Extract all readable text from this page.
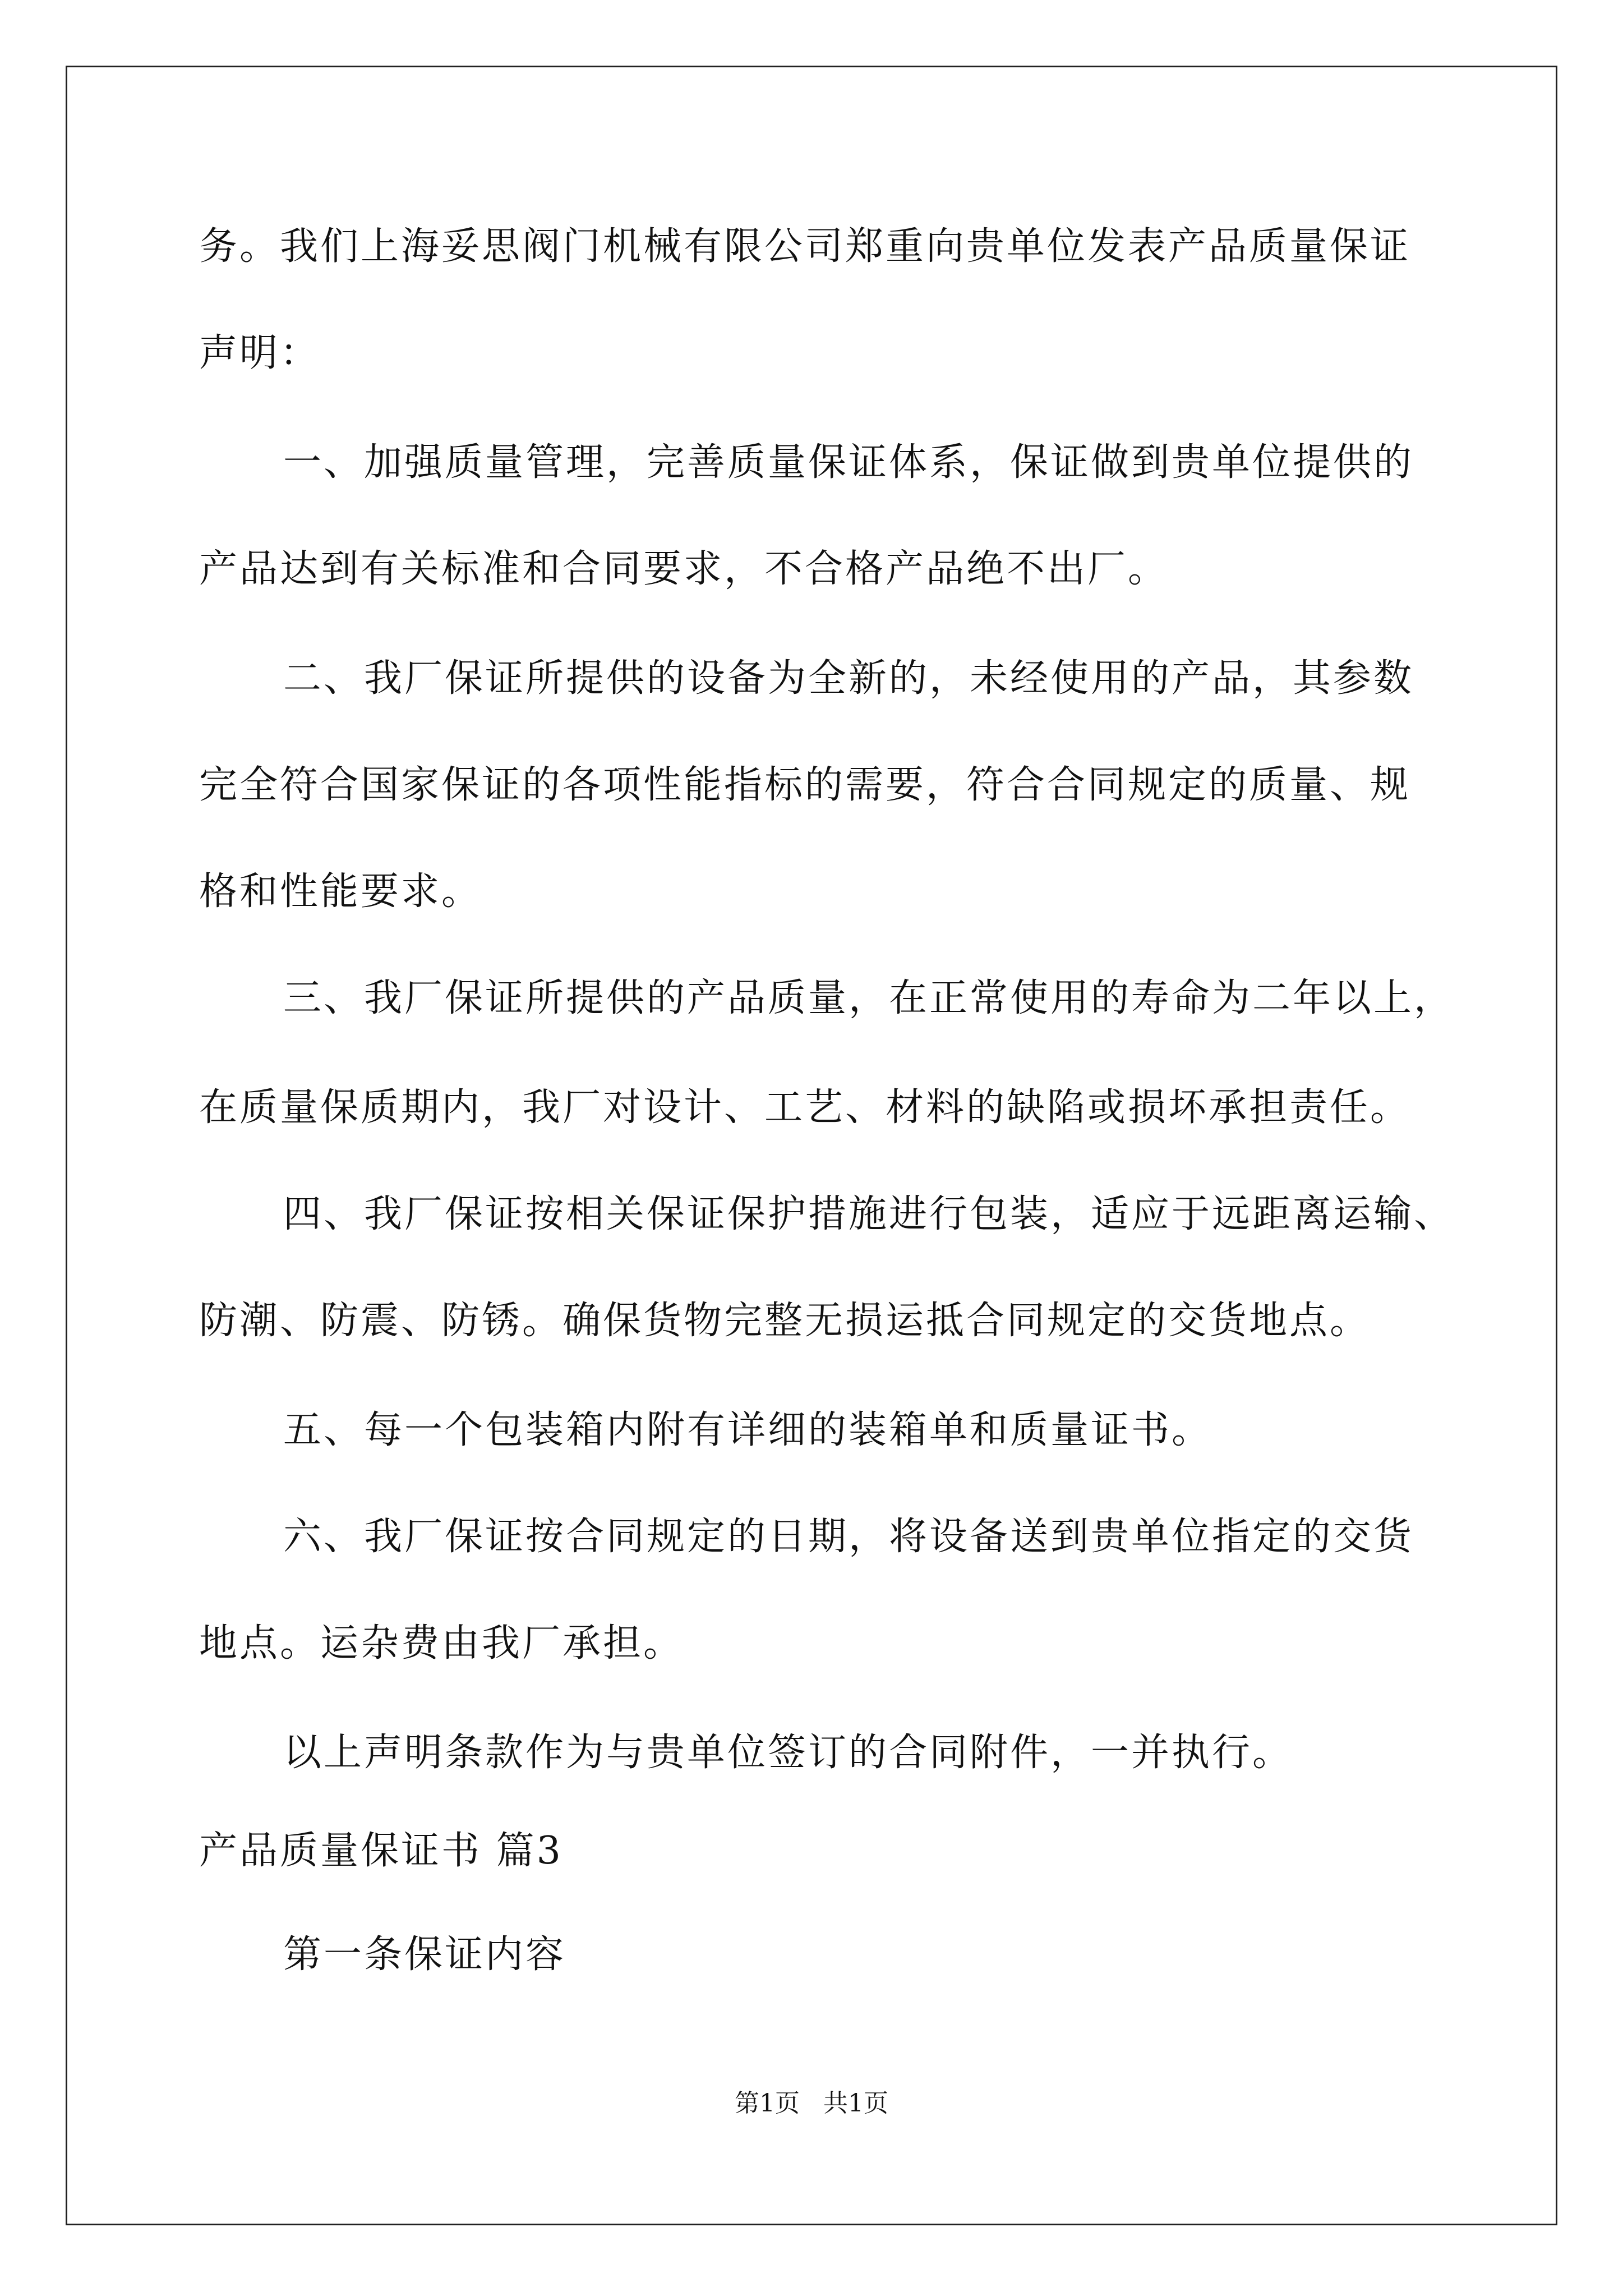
务。我们上海妥思阀门机械有限公司郑重向贵单位发表产品质量保证
声明：
一、加强质量管理，完善质量保证体系，保证做到贵单位提供的
产品达到有关标准和合同要求，不合格产品绝不出厂。
二、我厂保证所提供的设备为全新的，未经使用的产品，其参数
完全符合国家保证的各项性能指标的需要，符合合同规定的质量、规
格和性能要求。
三、我厂保证所提供的产品质量，在正常使用的寿命为二年以上，
在质量保质期内，我厂对设计、工艺、材料的缺陷或损坏承担责任。
四、我厂保证按相关保证保护措施进行包装，适应于远距离运输、
防潮、防震、防锈。确保货物完整无损运抵合同规定的交货地点。
五、每一个包装箱内附有详细的装箱单和质量证书。
六、我厂保证按合同规定的日期，将设备送到贵单位指定的交货
地点。运杂费由我厂承担。
以上声明条款作为与贵单位签订的合同附件，一并执行。
产品质量保证书 篇3
第一条保证内容
第1页   共1页
